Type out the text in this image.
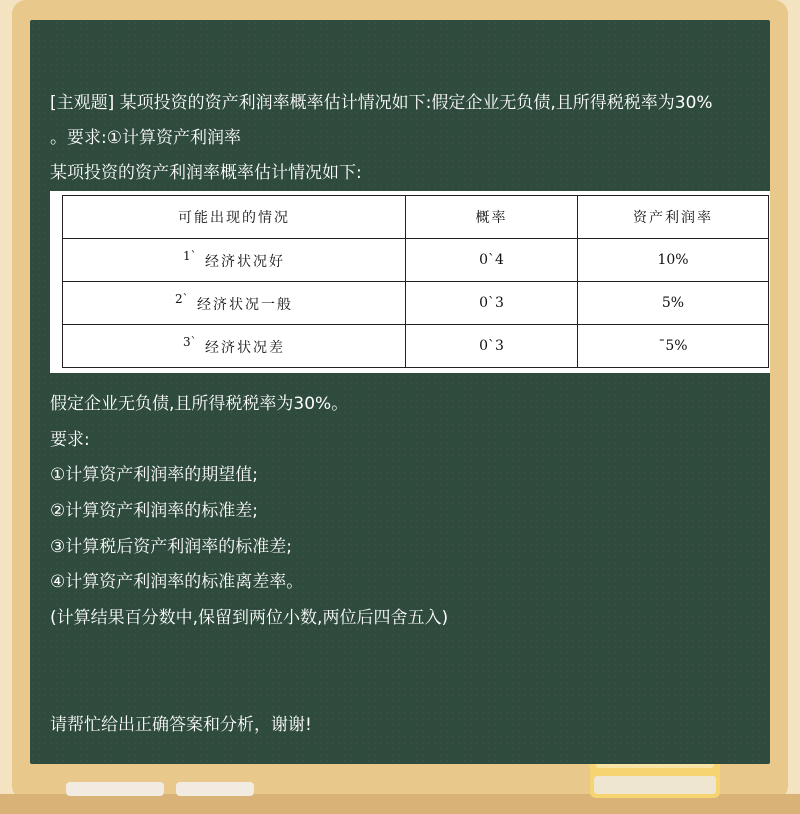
[主观题] 某项投资的资产利润率概率估计情况如下:假定企业无负债,且所得税税率为30%
。要求:①计算资产利润率
某项投资的资产利润率概率估计情况如下:
可能出现的情况	概率	资产利润率
1` 经济状况好	0`4	10%
2` 经济状况一般	0`3	5%
3` 经济状况差	0`3	ˉ5%
假定企业无负债,且所得税税率为30%。
要求:
①计算资产利润率的期望值;
②计算资产利润率的标准差;
③计算税后资产利润率的标准差;
④计算资产利润率的标准离差率。
(计算结果百分数中,保留到两位小数,两位后四舍五入)
请帮忙给出正确答案和分析，谢谢!
